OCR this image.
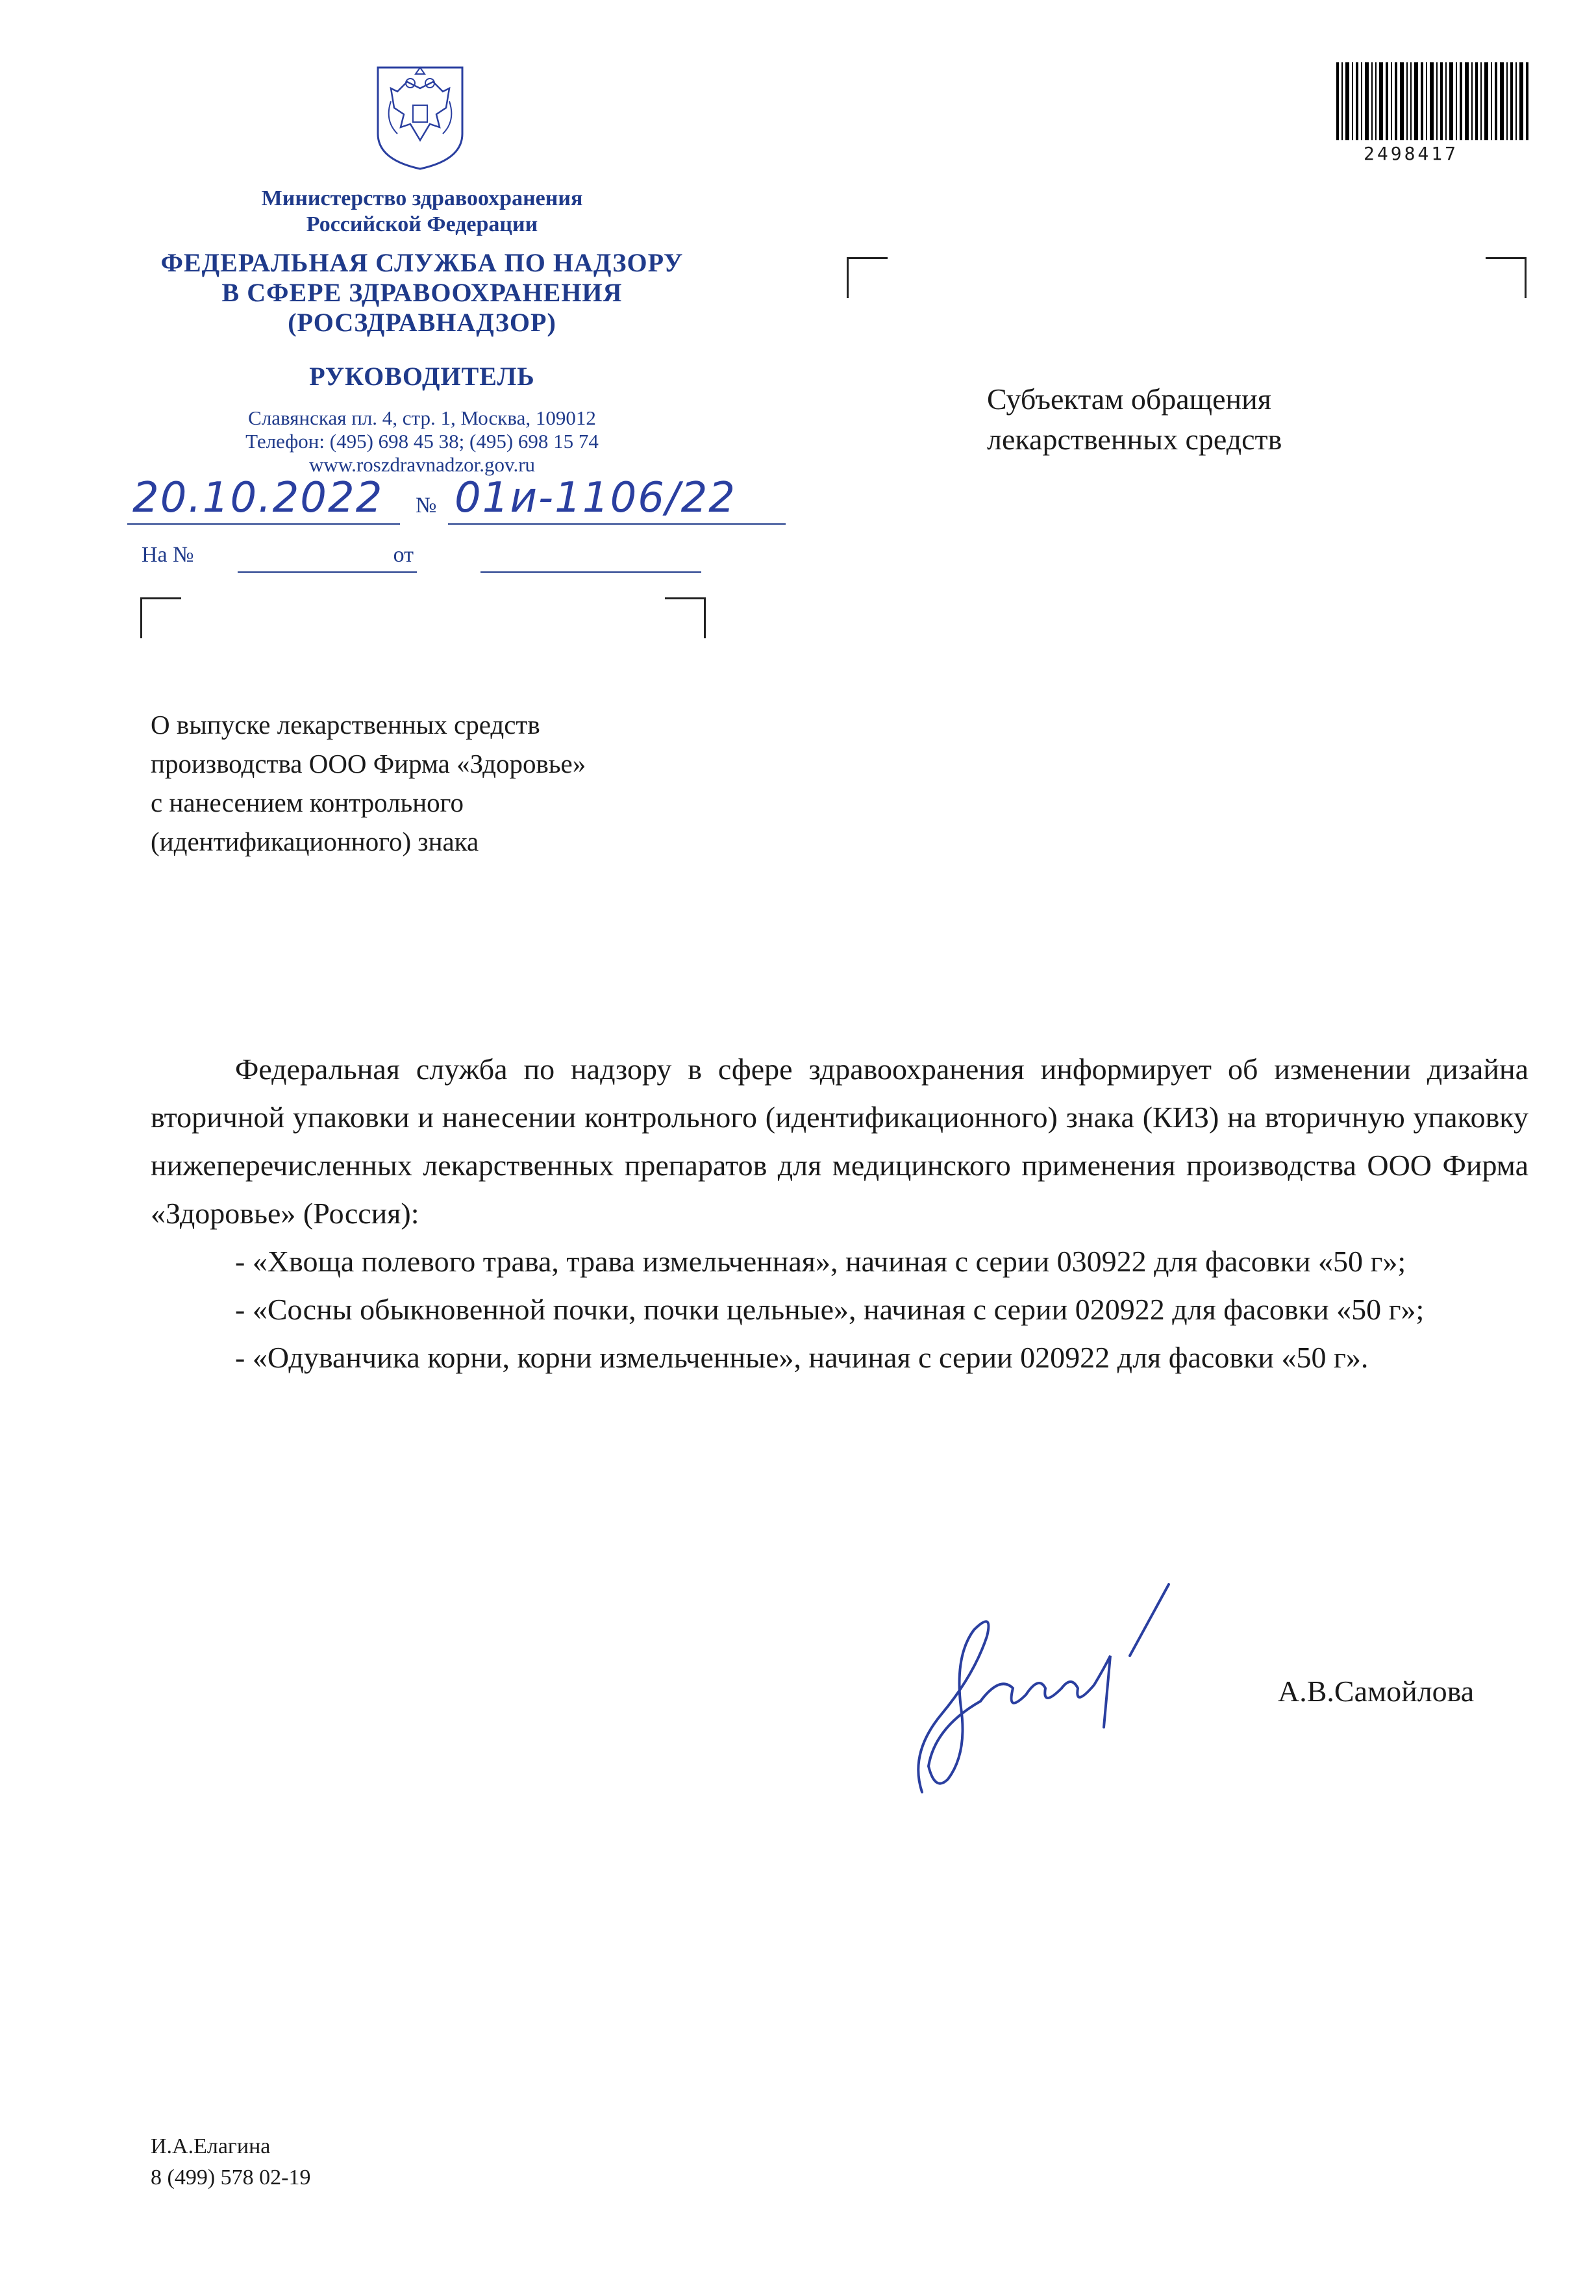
Министерство здравоохранения
Российской Федерации
ФЕДЕРАЛЬНАЯ СЛУЖБА ПО НАДЗОРУ
В СФЕРЕ ЗДРАВООХРАНЕНИЯ
(РОСЗДРАВНАДЗОР)
РУКОВОДИТЕЛЬ
Славянская пл. 4, стр. 1, Москва, 109012
Телефон: (495) 698 45 38; (495) 698 15 74
www.roszdravnadzor.gov.ru
20.10.2022 № 01и-1106/22
На №	от
2498417
Субъектам обращения
лекарственных средств
О выпуске лекарственных средств
производства ООО Фирма «Здоровье»
с нанесением контрольного
(идентификационного) знака

Федеральная служба по надзору в сфере здравоохранения информирует об изменении дизайна вторичной упаковки и нанесении контрольного (идентификационного) знака (КИЗ) на вторичную упаковку нижеперечисленных лекарственных препаратов для медицинского применения производства ООО Фирма «Здоровье» (Россия):

- «Хвоща полевого трава, трава измельченная», начиная с серии 030922 для фасовки «50 г»;

- «Сосны обыкновенной почки, почки цельные», начиная с серии 020922 для фасовки «50 г»;

- «Одуванчика корни, корни измельченные», начиная с серии 020922 для фасовки «50 г».

А.В.Самойлова
И.А.Елагина
8 (499) 578 02-19
